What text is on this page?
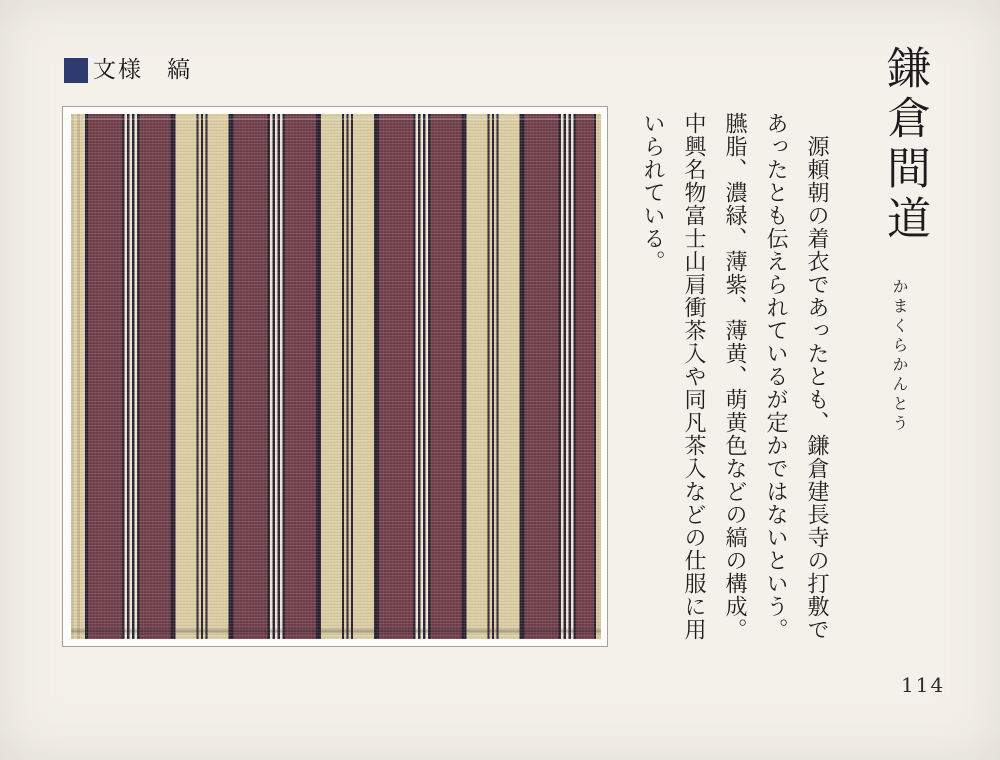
文様 縞	鎌倉間道
かまくらかんとう

　源頼朝の着衣であったとも、鎌倉建長寺の打敷で

あったとも伝えられているが定かではないという。

臙脂、濃緑、薄紫、薄黄、萌黄色などの縞の構成。

中興名物富士山肩衝茶入や同凡茶入などの仕服に用

いられている。

114
